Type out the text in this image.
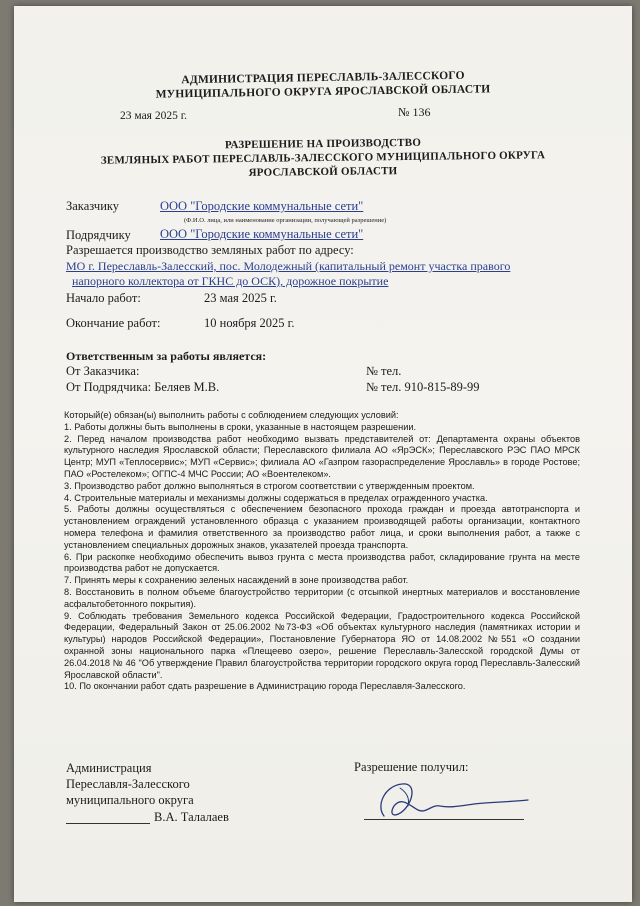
АДМИНИСТРАЦИЯ ПЕРЕСЛАВЛЬ-ЗАЛЕССКОГО
МУНИЦИПАЛЬНОГО ОКРУГА ЯРОСЛАВСКОЙ ОБЛАСТИ
23 мая 2025 г.	№ 136
РАЗРЕШЕНИЕ НА ПРОИЗВОДСТВО
ЗЕМЛЯНЫХ РАБОТ ПЕРЕСЛАВЛЬ-ЗАЛЕССКОГО МУНИЦИПАЛЬНОГО ОКРУГА
ЯРОСЛАВСКОЙ ОБЛАСТИ
Заказчику	ООО "Городские коммунальные сети"
(Ф.И.О. лица, или наименование организации, получающей разрешение)
Подрядчику ООО "Городские коммунальные сети"
Разрешается производство земляных работ по адресу:
МО г. Переславль-Залесский, пос. Молодежный (капитальный ремонт участка правого
напорного коллектора от ГКНС до ОСК), дорожное покрытие
Начало работ:	23 мая 2025 г.
Окончание работ:	10 ноября 2025 г.
Ответственным за работы является:
От Заказчика:	№ тел.
От Подрядчика: Беляев М.В.	№ тел. 910-815-89-99

Который(е) обязан(ы) выполнить работы с соблюдением следующих условий:

1. Работы должны быть выполнены в сроки, указанные в настоящем разрешении.

2. Перед началом производства работ необходимо вызвать представителей от: Департамента охраны объектов культурного наследия Ярославской области; Переславского филиала АО «ЯрЭСК»; Переславского РЭС ПАО МРСК Центр; МУП «Теплосервис»; МУП «Сервис»; филиала АО «Газпром газораспределение Ярославль» в городе Ростове; ПАО «Ростелеком»; ОГПС-4 МЧС России; АО «Воентелеком».

3. Производство работ должно выполняться в строгом соответствии с утвержденным проектом.

4. Строительные материалы и механизмы должны содержаться в пределах огражденного участка.

5. Работы должны осуществляться с обеспечением безопасного прохода граждан и проезда автотранспорта и установлением ограждений установленного образца с указанием производящей работы организации, контактного номера телефона и фамилия ответственного за производство работ лица, и сроки выполнения работ, а также с установлением специальных дорожных знаков, указателей проезда транспорта.

6. При раскопке необходимо обеспечить вывоз грунта с места производства работ, складирование грунта на месте производства работ не допускается.

7. Принять меры к сохранению зеленых насаждений в зоне производства работ.

8. Восстановить в полном объеме благоустройство территории (с отсыпкой инертных материалов и восстановление асфальтобетонного покрытия).

9. Соблюдать требования Земельного кодекса Российской Федерации, Градостроительного кодекса Российской Федерации, Федеральный Закон от 25.06.2002 №73-ФЗ «Об объектах культурного наследия (памятниках истории и культуры) народов Российской Федерации», Постановление Губернатора ЯО от 14.08.2002 №551 «О создании охранной зоны национального парка «Плещеево озеро», решение Переславль-Залесской городской Думы от 26.04.2018 № 46 "Об утверждение Правил благоустройства территории городского округа город Переславль-Залесский Ярославской области".

10. По окончании работ сдать разрешение в Администрацию города Переславля-Залесского.

Администрация
Переславля-Залесского
муниципального округа
В.А. Талалаев
Разрешение получил:
